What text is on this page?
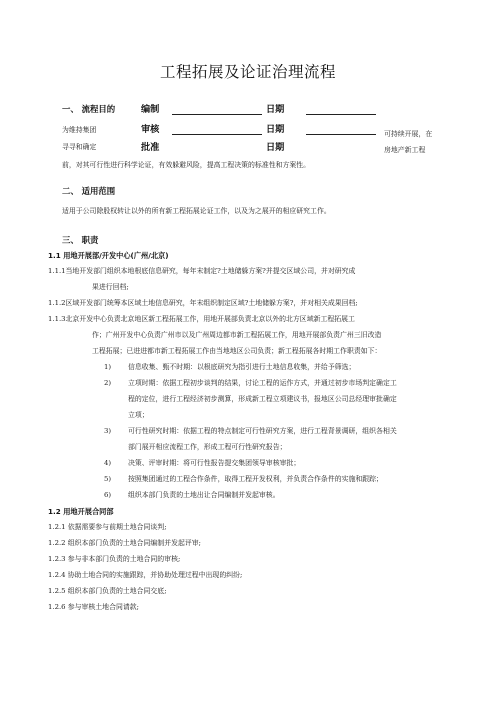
工程拓展及论证治理流程
一、 流程目的	编制	日期
审核	日期
批准	日期
为维持集团
寻寻和确定
可持续开展，在
房地产新工程
前，对其可行性进行科学论证，有效躲避风险，提高工程决策的标准性和方案性。
二、 适用范围
适用于公司除股权转让以外的所有新工程拓展论证工作，以及为之展开的相应研究工作。
三、 职责
1.1 用地开展部/开发中心(广州/北京)
1.1.1当地开发部门组织本地根底信息研究，每年末制定?土地储躲方案?并提交区域公司，并对研究成
果进行回档;
1.1.2区域开发部门统筹本区域土地信息研究，年末组织制定区域?土地储躲方案?，并对相关成果回档;
1.1.3北京开发中心负责北京地区新工程拓展工作，用地开展部负责北京以外的北方区域新工程拓展工
作；广州开发中心负责广州市以及广州周边都市新工程拓展工作，用地开展部负责广州三旧改造
工程拓展；已进进都市新工程拓展工作由当地地区公司负责；新工程拓展各时期工作职责如下：
1) 信息收集、甄不时期：以根底研究为指引进行土地信息收集，并给予筛选；
2) 立项时期：依据工程初步谈判的结果，讨论工程的运作方式，并通过初步市场判定确定工
程的定位，进行工程经济初步测算，形成新工程立项建议书，报地区公司总经理审批确定
立项；
3) 可行性研究时期：依据工程的特点制定可行性研究方案，进行工程背景调研，组织各相关
部门展开相应流程工作，形成工程可行性研究报告；
4) 决策、评审时期：将可行性报告提交集团领导审核审批；
5) 按照集团通过的工程合作条件，取得工程开发权利，并负责合作条件的实施和跟踪；
6) 组织本部门负责的土地出让合同编制并发起审核。
1.2 用地开展合同部
1.2.1 依据需要参与前期土地合同谈判;
1.2.2 组织本部门负责的土地合同编制并发起评审;
1.2.3 参与非本部门负责的土地合同的审核;
1.2.4 协助土地合同的实施跟踪，并协助处理过程中出现的纠纷;
1.2.5 组织本部门负责的土地合同交底;
1.2.6 参与审核土地合同请款;
